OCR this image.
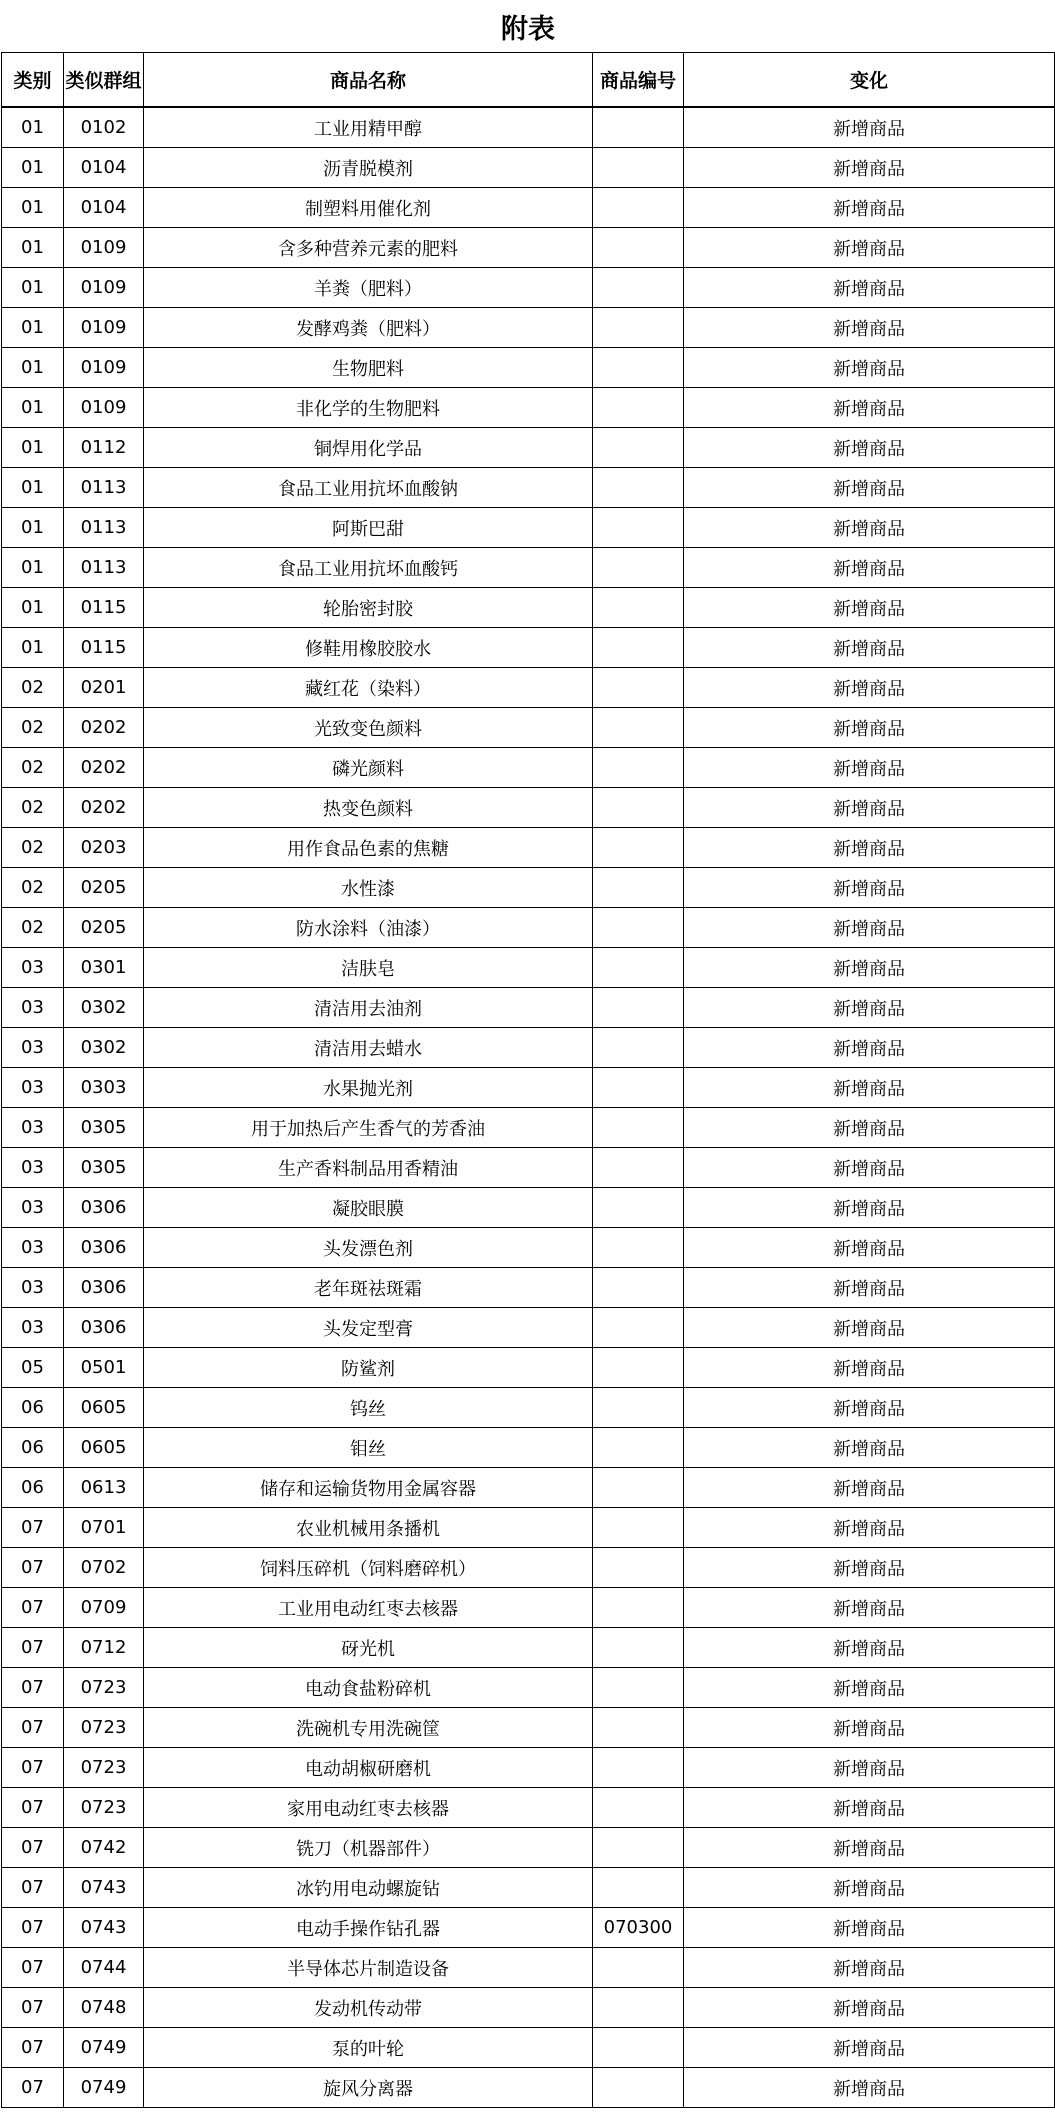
附表				
类别	类似群组	商品名称	商品编号	变化
01	0102	工业用精甲醇		新增商品
01	0104	沥青脱模剂		新增商品
01	0104	制塑料用催化剂		新增商品
01	0109	含多种营养元素的肥料		新增商品
01	0109	羊粪（肥料）		新增商品
01	0109	发酵鸡粪（肥料）		新增商品
01	0109	生物肥料		新增商品
01	0109	非化学的生物肥料		新增商品
01	0112	铜焊用化学品		新增商品
01	0113	食品工业用抗坏血酸钠		新增商品
01	0113	阿斯巴甜		新增商品
01	0113	食品工业用抗坏血酸钙		新增商品
01	0115	轮胎密封胶		新增商品
01	0115	修鞋用橡胶胶水		新增商品
02	0201	藏红花（染料）		新增商品
02	0202	光致变色颜料		新增商品
02	0202	磷光颜料		新增商品
02	0202	热变色颜料		新增商品
02	0203	用作食品色素的焦糖		新增商品
02	0205	水性漆		新增商品
02	0205	防水涂料（油漆）		新增商品
03	0301	洁肤皂		新增商品
03	0302	清洁用去油剂		新增商品
03	0302	清洁用去蜡水		新增商品
03	0303	水果抛光剂		新增商品
03	0305	用于加热后产生香气的芳香油		新增商品
03	0305	生产香料制品用香精油		新增商品
03	0306	凝胶眼膜		新增商品
03	0306	头发漂色剂		新增商品
03	0306	老年斑祛斑霜		新增商品
03	0306	头发定型膏		新增商品
05	0501	防鲨剂		新增商品
06	0605	钨丝		新增商品
06	0605	钼丝		新增商品
06	0613	储存和运输货物用金属容器		新增商品
07	0701	农业机械用条播机		新增商品
07	0702	饲料压碎机（饲料磨碎机）		新增商品
07	0709	工业用电动红枣去核器		新增商品
07	0712	砑光机		新增商品
07	0723	电动食盐粉碎机		新增商品
07	0723	洗碗机专用洗碗筐		新增商品
07	0723	电动胡椒研磨机		新增商品
07	0723	家用电动红枣去核器		新增商品
07	0742	铣刀（机器部件）		新增商品
07	0743	冰钓用电动螺旋钻		新增商品
07	0743	电动手操作钻孔器	070300	新增商品
07	0744	半导体芯片制造设备		新增商品
07	0748	发动机传动带		新增商品
07	0749	泵的叶轮		新增商品
07	0749	旋风分离器		新增商品
